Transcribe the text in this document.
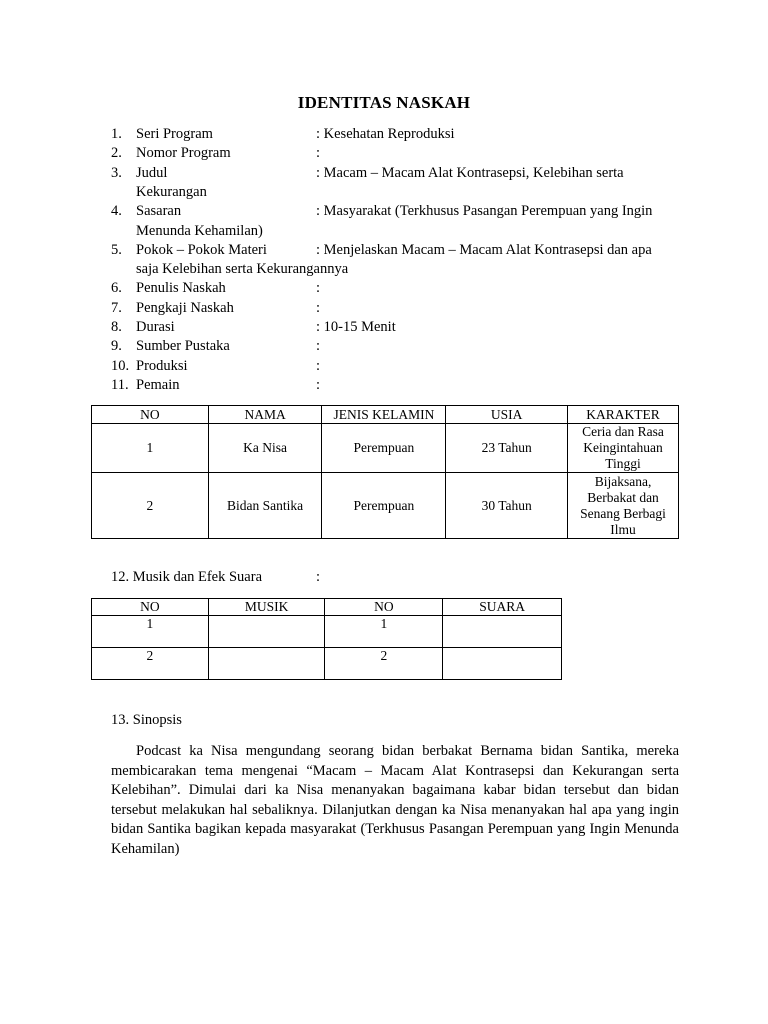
IDENTITAS NASKAH
1. Seri Program	: Kesehatan Reproduksi
2. Nomor Program	:
3. Judul	: Macam – Macam Alat Kontrasepsi, Kelebihan serta
Kekurangan
4. Sasaran	: Masyarakat (Terkhusus Pasangan Perempuan yang Ingin
Menunda Kehamilan)
5. Pokok – Pokok Materi	: Menjelaskan Macam – Macam Alat Kontrasepsi dan apa
saja Kelebihan serta Kekurangannya
6. Penulis Naskah	:
7. Pengkaji Naskah	:
8. Durasi	: 10-15 Menit
9. Sumber Pustaka	:
10. Produksi	:
11. Pemain	:
NO	NAMA	JENIS KELAMIN	USIA	KARAKTER
1	Ka Nisa	Perempuan	23 Tahun	Ceria dan Rasa Keingintahuan Tinggi
2	Bidan Santika	Perempuan	30 Tahun	Bijaksana, Berbakat dan Senang Berbagi Ilmu
12. Musik dan Efek Suara	:
NO	MUSIK	NO	SUARA
1		1	
2		2	
13. Sinopsis

Podcast ka Nisa mengundang seorang bidan berbakat Bernama bidan Santika, mereka membicarakan tema mengenai “Macam – Macam Alat Kontrasepsi dan Kekurangan serta Kelebihan”. Dimulai dari ka Nisa menanyakan bagaimana kabar bidan tersebut dan bidan tersebut melakukan hal sebaliknya. Dilanjutkan dengan ka Nisa menanyakan hal apa yang ingin bidan Santika bagikan kepada masyarakat (Terkhusus Pasangan Perempuan yang Ingin Menunda Kehamilan)
